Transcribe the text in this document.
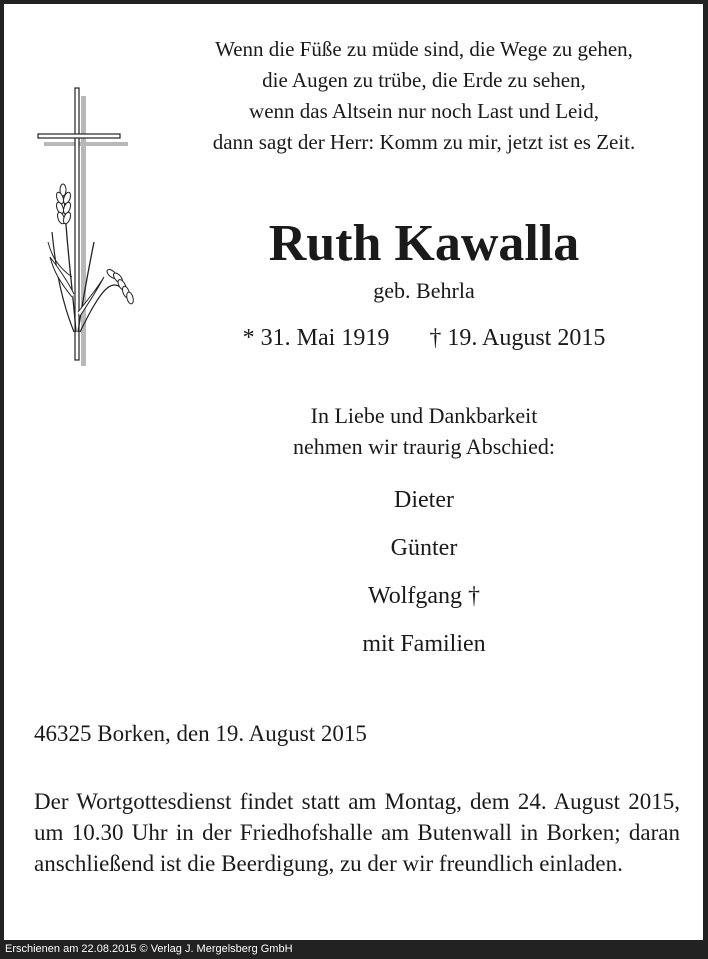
Wenn die Füße zu müde sind, die Wege zu gehen,
die Augen zu trübe, die Erde zu sehen,
wenn das Altsein nur noch Last und Leid,
dann sagt der Herr: Komm zu mir, jetzt ist es Zeit.
Ruth Kawalla
geb. Behrla
* 31. Mai 1919 † 19. August 2015
In Liebe und Dankbarkeit
nehmen wir traurig Abschied:
Dieter
Günter
Wolfgang †
mit Familien
46325 Borken, den 19. August 2015
Der Wortgottesdienst findet statt am Montag, dem 24. August 2015, um 10.30 Uhr in der Friedhofshalle am Butenwall in Borken; daran anschließend ist die Beerdigung, zu der wir freundlich einladen.
Erschienen am 22.08.2015 © Verlag J. Mergelsberg GmbH
